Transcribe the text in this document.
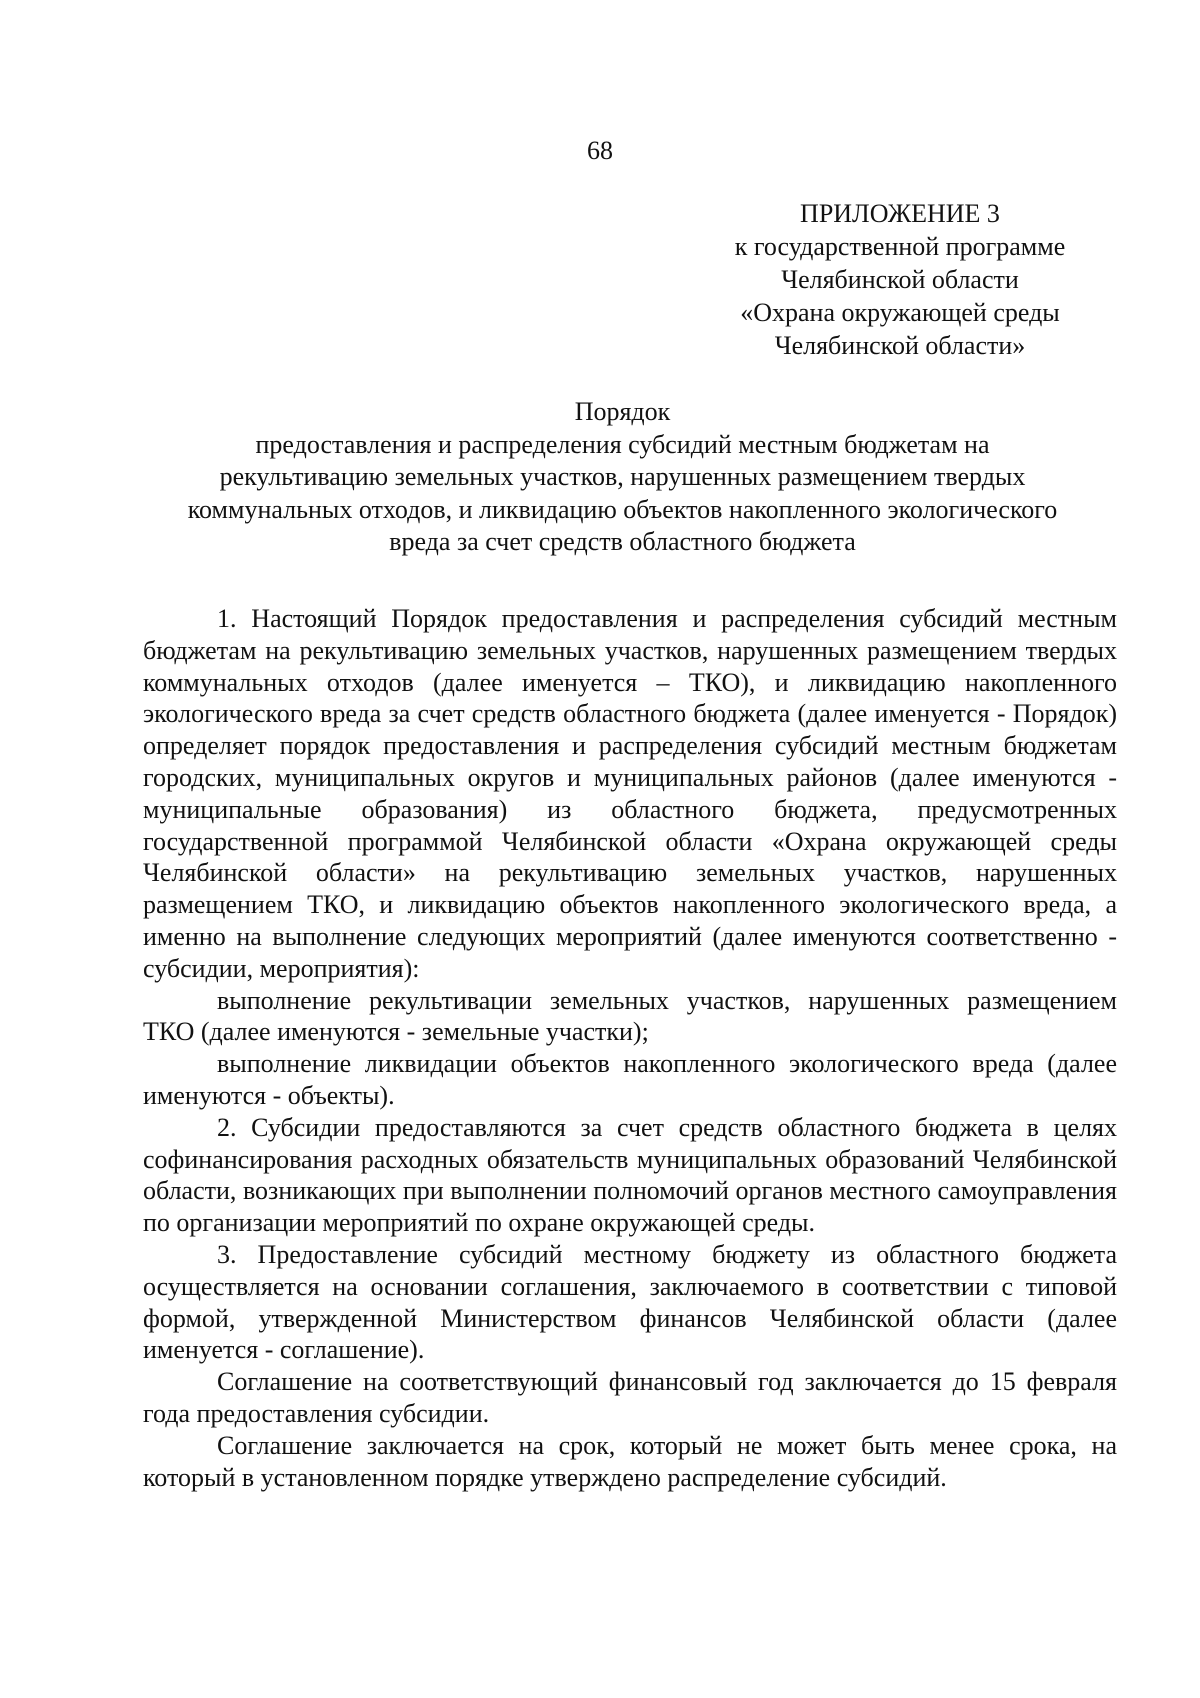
68
ПРИЛОЖЕНИЕ 3
к государственной программе
Челябинской области
«Охрана окружающей среды
Челябинской области»
Порядок
предоставления и распределения субсидий местным бюджетам на
рекультивацию земельных участков, нарушенных размещением твердых
коммунальных отходов, и ликвидацию объектов накопленного экологического
вреда за счет средств областного бюджета

1. Настоящий Порядок предоставления и распределения субсидий местным бюджетам на рекультивацию земельных участков, нарушенных размещением твердых коммунальных отходов (далее именуется – ТКО), и ликвидацию накопленного экологического вреда за счет средств областного бюджета (далее именуется - Порядок) определяет порядок предоставления и распределения субсидий местным бюджетам городских, муниципальных округов и муниципальных районов (далее именуются - муниципальные образования) из областного бюджета, предусмотренных государственной программой Челябинской области «Охрана окружающей среды Челябинской области» на рекультивацию земельных участков, нарушенных размещением ТКО, и ликвидацию объектов накопленного экологического вреда, а именно на выполнение следующих мероприятий (далее именуются соответственно - субсидии, мероприятия):

выполнение рекультивации земельных участков, нарушенных размещением ТКО (далее именуются - земельные участки);

выполнение ликвидации объектов накопленного экологического вреда (далее именуются - объекты).

2. Субсидии предоставляются за счет средств областного бюджета в целях софинансирования расходных обязательств муниципальных образований Челябинской области, возникающих при выполнении полномочий органов местного самоуправления по организации мероприятий по охране окружающей среды.

3. Предоставление субсидий местному бюджету из областного бюджета осуществляется на основании соглашения, заключаемого в соответствии с типовой формой, утвержденной Министерством финансов Челябинской области (далее именуется - соглашение).

Соглашение на соответствующий финансовый год заключается до 15 февраля года предоставления субсидии.

Соглашение заключается на срок, который не может быть менее срока, на который в установленном порядке утверждено распределение субсидий.
